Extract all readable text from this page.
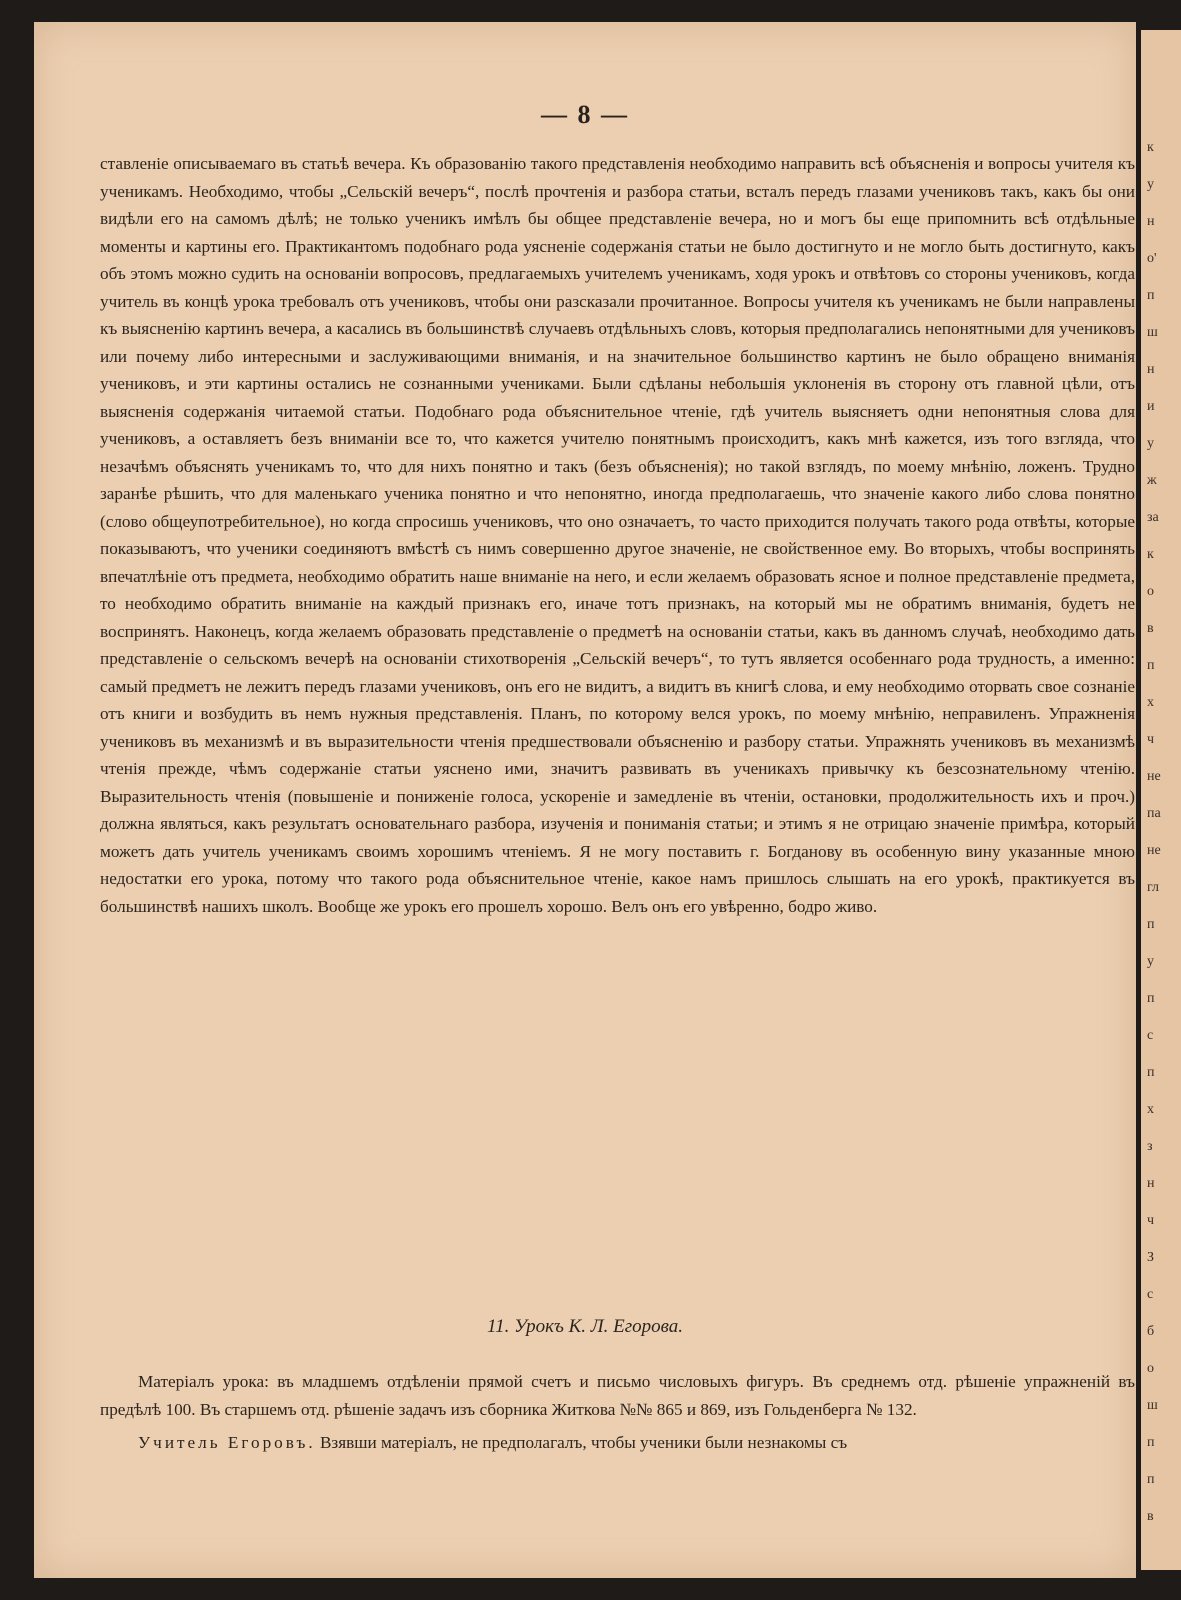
к
у
н
о'
п
ш
н
и
у
ж
за
к
о
в
п
х
ч
не
па
не
гл
п
у
п
с
п
х
з
н
ч
З
с
б
о
ш
п
п
в
— 8 —

ставленіе описываемаго въ статьѣ вечера. Къ образованію такого представленія необходимо направить всѣ объясненія и вопросы учителя къ ученикамъ. Необходимо, чтобы „Сельскій вечеръ“, послѣ прочтенія и разбора статьи, всталъ передъ глазами учениковъ такъ, какъ бы они видѣли его на самомъ дѣлѣ; не только ученикъ имѣлъ бы общее представленіе вечера, но и могъ бы еще припомнить всѣ отдѣльные моменты и картины его. Практикантомъ подобнаго рода уясненіе содержанія статьи не было достигнуто и не могло быть достигнуто, какъ объ этомъ можно судить на основаніи вопросовъ, предлагаемыхъ учителемъ ученикамъ, ходя урокъ и отвѣтовъ со стороны учениковъ, когда учитель въ концѣ урока требовалъ отъ учениковъ, чтобы они разсказали прочитанное. Вопросы учителя къ ученикамъ не были направлены къ выясненію картинъ вечера, а касались въ большинствѣ случаевъ отдѣльныхъ словъ, которыя предполагались непонятными для учениковъ или почему либо интересными и заслуживающими вниманія, и на значительное большинство картинъ не было обращено вниманія учениковъ, и эти картины остались не сознанными учениками. Были сдѣланы небольшія уклоненія въ сторону отъ главной цѣли, отъ выясненія содержанія читаемой статьи. Подобнаго рода объяснительное чтеніе, гдѣ учитель выясняетъ одни непонятныя слова для учениковъ, а оставляетъ безъ вниманіи все то, что кажется учителю понятнымъ происходитъ, какъ мнѣ кажется, изъ того взгляда, что незачѣмъ объяснять ученикамъ то, что для нихъ понятно и такъ (безъ объясненія); но такой взглядъ, по моему мнѣнію, ложенъ. Трудно заранѣе рѣшить, что для маленькаго ученика понятно и что непонятно, иногда предполагаешь, что значеніе какого либо слова понятно (слово общеупотребительное), но когда спросишь учениковъ, что оно означаетъ, то часто приходится получать такого рода отвѣты, которые показываютъ, что ученики соединяютъ вмѣстѣ съ нимъ совершенно другое значеніе, не свойственное ему. Во вторыхъ, чтобы воспринять впечатлѣніе отъ предмета, необходимо обратить наше вниманіе на него, и если желаемъ образовать ясное и полное представленіе предмета, то необходимо обратить вниманіе на каждый признакъ его, иначе тотъ признакъ, на который мы не обратимъ вниманія, будетъ не воспринятъ. Наконецъ, когда желаемъ образовать представленіе о предметѣ на основаніи статьи, какъ въ данномъ случаѣ, необходимо дать представленіе о сельскомъ вечерѣ на основаніи стихотворенія „Сельскій вечеръ“, то тутъ является особеннаго рода трудность, а именно: самый предметъ не лежитъ передъ глазами учениковъ, онъ его не видитъ, а видитъ въ книгѣ слова, и ему необходимо оторвать свое сознаніе отъ книги и возбудить въ немъ нужныя представленія. Планъ, по которому велся урокъ, по моему мнѣнію, неправиленъ. Упражненія учениковъ въ механизмѣ и въ выразительности чтенія предшествовали объясненію и разбору статьи. Упражнять учениковъ въ механизмѣ чтенія прежде, чѣмъ содержаніе статьи уяснено ими, значитъ развивать въ ученикахъ привычку къ безсознательному чтенію. Выразительность чтенія (повышеніе и пониженіе голоса, ускореніе и замедленіе въ чтеніи, остановки, продолжительность ихъ и проч.) должна являться, какъ результатъ основательнаго разбора, изученія и пониманія статьи; и этимъ я не отрицаю значеніе примѣра, который можетъ дать учитель ученикамъ своимъ хорошимъ чтеніемъ. Я не могу поставить г. Богданову въ особенную вину указанные мною недостатки его урока, потому что такого рода объяснительное чтеніе, какое намъ пришлось слышать на его урокѣ, практикуется въ большинствѣ нашихъ школъ. Вообще же урокъ его прошелъ хорошо. Велъ онъ его увѣренно, бодро живо.

11. Урокъ К. Л. Егорова.

Матеріалъ урока: въ младшемъ отдѣленіи прямой счетъ и письмо числовыхъ фигуръ. Въ среднемъ отд. рѣшеніе упражненій въ предѣлѣ 100. Въ старшемъ отд. рѣшеніе задачъ изъ сборника Житкова №№ 865 и 869, изъ Гольденберга № 132.

Учитель Егоровъ. Взявши матеріалъ, не предполагалъ, чтобы ученики были незнакомы съ
